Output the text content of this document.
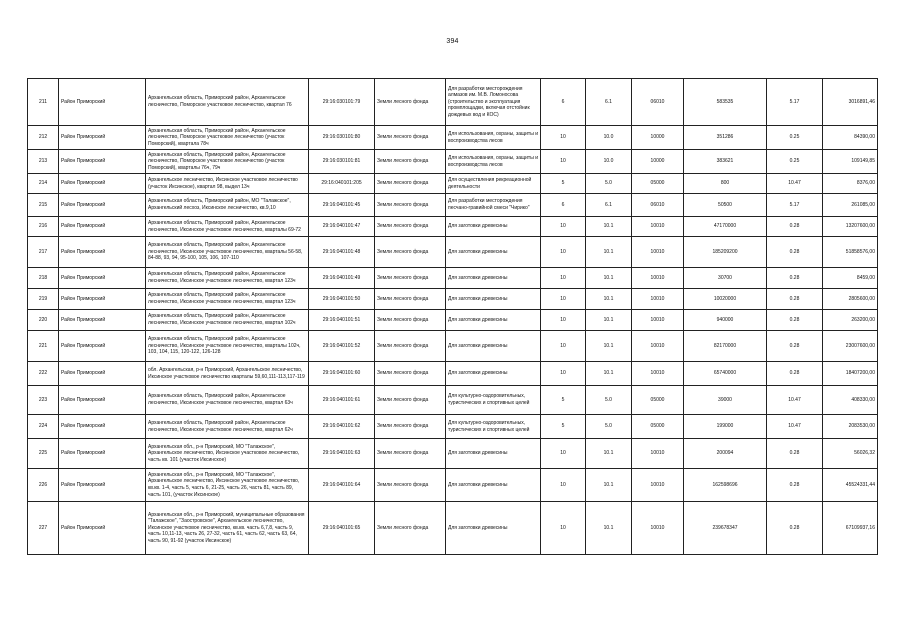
394
211	Район Приморский	Архангельская область, Приморский район, Архангельское лесничество, Поморское участковое лесничество, квартал 76	29:16:030101:79	Земли лесного фонда	Для разработки месторождения алмазов им. М.В. Ломоносова (строительство и эксплуатация промплощадки, включая отстойник дождевых вод и КОС)	6	6.1	06010	583535	5.17	3016891,46
212	Район Приморский	Архангельская область, Приморский район, Архангельское лесничество, Поморское участковое лесничество (участок Поморский), квартала 78ч	29:16:030101:80	Земли лесного фонда	Для использования, охраны, защиты и воспроизводства лесов	10	10.0	10000	351286	0.25	84390,00
213	Район Приморский	Архангельская область, Приморский район, Архангельское лесничество, Поморское участковое лесничество (участок Поморский), кварталы 76ч, 79ч	29:16:030101:81	Земли лесного фонда	Для использования, охраны, защиты и воспроизводства лесов	10	10.0	10000	383621	0.25	109149,85
214	Район Приморский	Архангельское лесничество, Иксинское участковое лесничество (участок Иксинское), квартал 98, выдел 13ч	29:16:040101:205	Земли лесного фонда	Для осуществления рекреационной деятельности	5	5.0	05000	800	10.47	8376,00
215	Район Приморский	Архангельская область, Приморский район, МО "Талажское", Архангельский лесхоз, Иксинское лесничество, кв.9,10	29:16:040101:45	Земли лесного фонда	Для разработки месторождения песчано-гравийной смеси "Чирико"	6	6.1	06010	50500	5.17	261085,00
216	Район Приморский	Архангельская область, Приморский район, Архангельское лесничество, Иксинское участковое лесничество, кварталы 69-72	29:16:040101:47	Земли лесного фонда	Для заготовки древесины	10	10.1	10010	47170000	0.28	13207600,00
217	Район Приморский	Архангельская область, Приморский район, Архангельское лесничество, Иксинское участковое лесничество, кварталы 56-58, 84-88, 93, 94, 95-100, 105, 106, 107-110	29:16:040101:48	Земли лесного фонда	Для заготовки древесины	10	10.1	10010	185209200	0.28	51858576,00
218	Район Приморский	Архангельская область, Приморский район, Архангельское лесничество, Иксинское участковое лесничество, квартал 123ч	29:16:040101:49	Земли лесного фонда	Для заготовки древесины	10	10.1	10010	30700	0.28	8459,00
219	Район Приморский	Архангельская область, Приморский район, Архангельское лесничество, Иксинское участковое лесничество, квартал 123ч	29:16:040101:50	Земли лесного фонда	Для заготовки древесины	10	10.1	10010	10020000	0.28	2805600,00
220	Район Приморский	Архангельская область, Приморский район, Архангельское лесничество, Иксинское участковое лесничество, квартал 102ч	29:16:040101:51	Земли лесного фонда	Для заготовки древесины	10	10.1	10010	940000	0.28	263200,00
221	Район Приморский	Архангельская область, Приморский район, Архангельское лесничество, Иксинское участковое лесничество, кварталы 102ч, 103, 104, 115, 120-122, 126-128	29:16:040101:52	Земли лесного фонда	Для заготовки древесины	10	10.1	10010	82170000	0.28	23007600,00
222	Район Приморский	обл. Архангельская, р-н Приморский, Архангельское лесничество, Иксинское участковое лесничество кварталы 59,60,111-113,117-119	29:16:040101:60	Земли лесного фонда	Для заготовки древесины	10	10.1	10010	65740000	0.28	18407200,00
223	Район Приморский	Архангельская область, Приморский район, Архангельское лесничество, Иксинское участковое лесничество, квартал 63ч	29:16:040101:61	Земли лесного фонда	Для культурно-оздоровительных, туристических и спортивных целей	5	5.0	05000	39000	10.47	408330,00
224	Район Приморский	Архангельская область, Приморский район, Архангельское лесничество, Иксинское участковое лесничество, квартал 62ч	29:16:040101:62	Земли лесного фонда	Для культурно-оздоровительных, туристических и спортивных целей	5	5.0	05000	199000	10.47	2083530,00
225	Район Приморский	Архангельская обл., р-н Приморский, МО "Талажское", Архангельское лесничество, Иксинское участковое лесничество, часть кв. 101 (участок Иксинское)	29:16:040101:63	Земли лесного фонда	Для заготовки древесины	10	10.1	10010	200094	0.28	56026,32
226	Район Приморский	Архангельская обл., р-н Приморский, МО "Талажское", Архангельское лесничество, Иксинское участковое лесничество, кв.кв. 1-4, часть 5, часть 6, 21-25, часть 26, часть 81, часть 89, часть 101, (участок Иксинское)	29:16:040101:64	Земли лесного фонда	Для заготовки древесины	10	10.1	10010	162598696	0.28	45524331,44
227	Район Приморский	Архангельская обл., р-н Приморский, муниципальные образования "Талажское", "Заостровское", Архангельское лесничество, Иксинское участковое лесничество, кв.кв. часть 6,7,8, часть 9, часть 10,11-13, часть 26, 27-32, часть 61, часть 62, часть 63, 64, часть 90, 91-92 (участок Иксинское)	29:16:040101:65	Земли лесного фонда	Для заготовки древесины	10	10.1	10010	239678347	0.28	67109937,16
